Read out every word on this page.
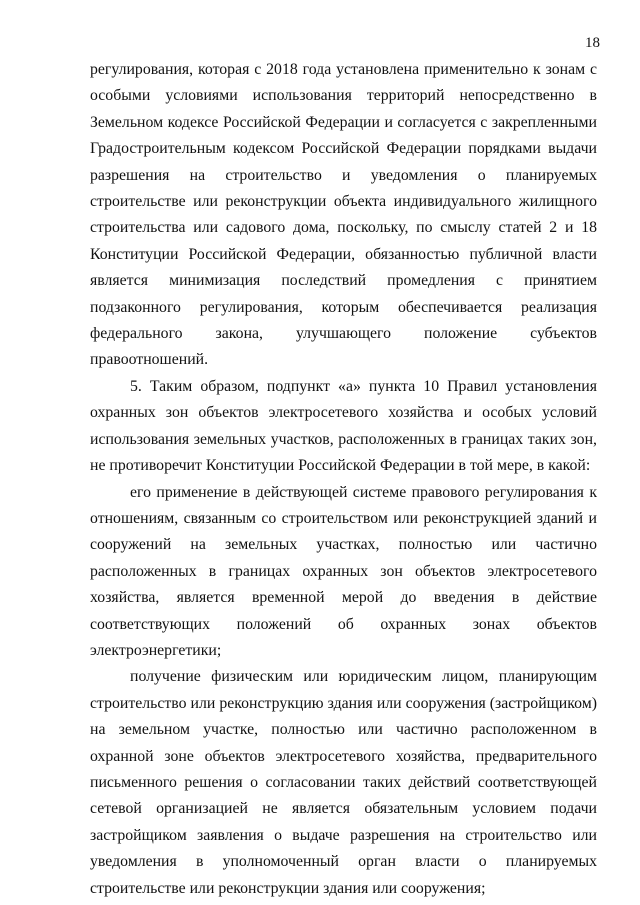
18

регулирования, которая с 2018 года установлена применительно к зонам с особыми условиями использования территорий непосредственно в Земельном кодексе Российской Федерации и согласуется с закрепленными Градостроительным кодексом Российской Федерации порядками выдачи разрешения на строительство и уведомления о планируемых строительстве или реконструкции объекта индивидуального жилищного строительства или садового дома, поскольку, по смыслу статей 2 и 18 Конституции Российской Федерации, обязанностью публичной власти является минимизация последствий промедления с принятием подзаконного регулирования, которым обеспечивается реализация федерального закона, улучшающего положение субъектов правоотношений.

5. Таким образом, подпункт «а» пункта 10 Правил установления охранных зон объектов электросетевого хозяйства и особых условий использования земельных участков, расположенных в границах таких зон, не противоречит Конституции Российской Федерации в той мере, в какой:

его применение в действующей системе правового регулирования к отношениям, связанным со строительством или реконструкцией зданий и сооружений на земельных участках, полностью или частично расположенных в границах охранных зон объектов электросетевого хозяйства, является временной мерой до введения в действие соответствующих положений об охранных зонах объектов электроэнергетики;

получение физическим или юридическим лицом, планирующим строительство или реконструкцию здания или сооружения (застройщиком) на земельном участке, полностью или частично расположенном в охранной зоне объектов электросетевого хозяйства, предварительного письменного решения о согласовании таких действий соответствующей сетевой организацией не является обязательным условием подачи застройщиком заявления о выдаче разрешения на строительство или уведомления в уполномоченный орган власти о планируемых строительстве или реконструкции здания или сооружения;
